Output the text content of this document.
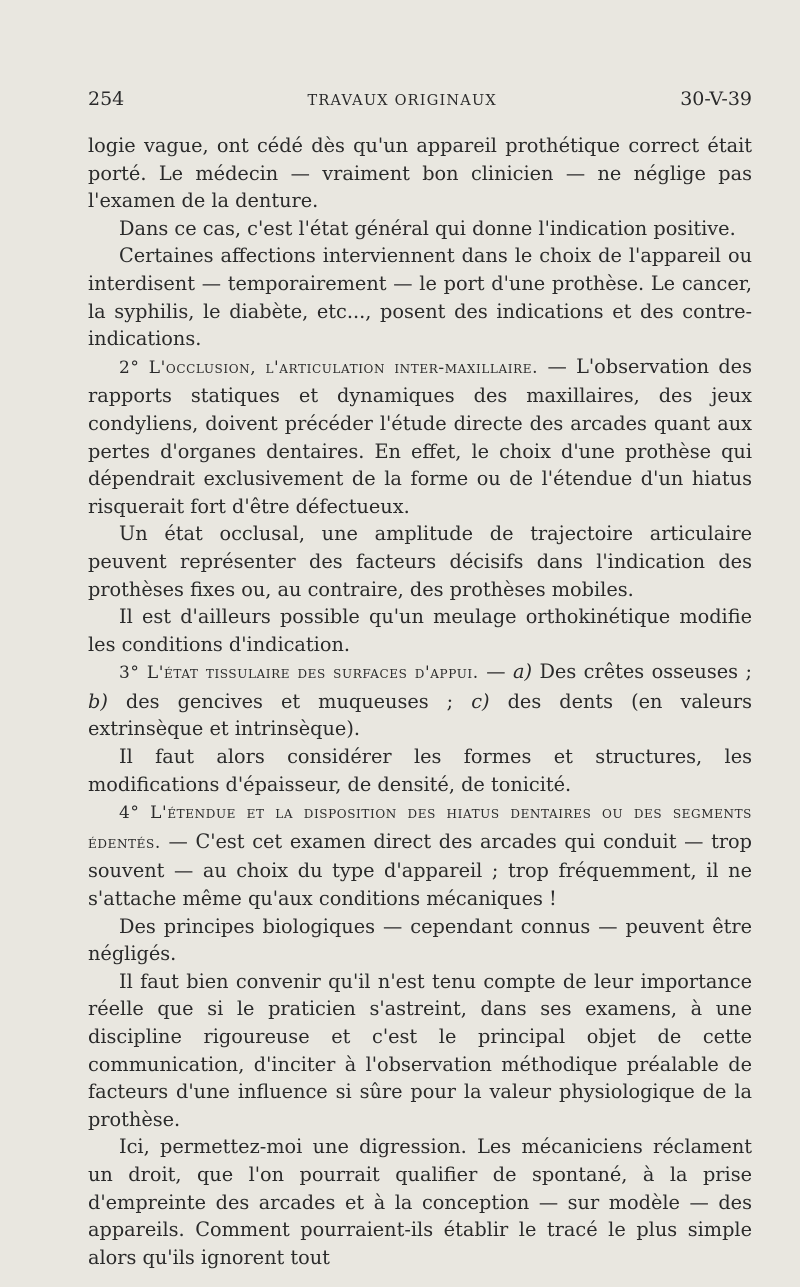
254	TRAVAUX ORIGINAUX	30-V-39

logie vague, ont cédé dès qu'un appareil prothétique correct était porté. Le médecin — vraiment bon clinicien — ne néglige pas l'examen de la denture.

Dans ce cas, c'est l'état général qui donne l'indication positive.

Certaines affections interviennent dans le choix de l'appareil ou interdisent — temporairement — le port d'une prothèse. Le cancer, la syphilis, le diabète, etc..., posent des indications et des contre-indications.

2° L'occlusion, l'articulation inter-maxillaire. — L'observation des rapports statiques et dynamiques des maxillaires, des jeux condyliens, doivent précéder l'étude directe des arcades quant aux pertes d'organes dentaires. En effet, le choix d'une prothèse qui dépendrait exclusivement de la forme ou de l'étendue d'un hiatus risquerait fort d'être défectueux.

Un état occlusal, une amplitude de trajectoire articulaire peuvent représenter des facteurs décisifs dans l'indication des prothèses fixes ou, au contraire, des prothèses mobiles.

Il est d'ailleurs possible qu'un meulage orthokinétique modifie les conditions d'indication.

3° L'état tissulaire des surfaces d'appui. — a) Des crêtes osseuses ; b) des gencives et muqueuses ; c) des dents (en valeurs extrinsèque et intrinsèque).

Il faut alors considérer les formes et structures, les modifications d'épaisseur, de densité, de tonicité.

4° L'étendue et la disposition des hiatus dentaires ou des segments édentés. — C'est cet examen direct des arcades qui conduit — trop souvent — au choix du type d'appareil ; trop fréquemment, il ne s'attache même qu'aux conditions mécaniques !

Des principes biologiques — cependant connus — peuvent être négligés.

Il faut bien convenir qu'il n'est tenu compte de leur importance réelle que si le praticien s'astreint, dans ses examens, à une discipline rigoureuse et c'est le principal objet de cette communication, d'inciter à l'observation méthodique préalable de facteurs d'une influence si sûre pour la valeur physiologique de la prothèse.

Ici, permettez-moi une digression. Les mécaniciens réclament un droit, que l'on pourrait qualifier de spontané, à la prise d'empreinte des arcades et à la conception — sur modèle — des appareils. Comment pourraient-ils établir le tracé le plus simple alors qu'ils ignorent tout
